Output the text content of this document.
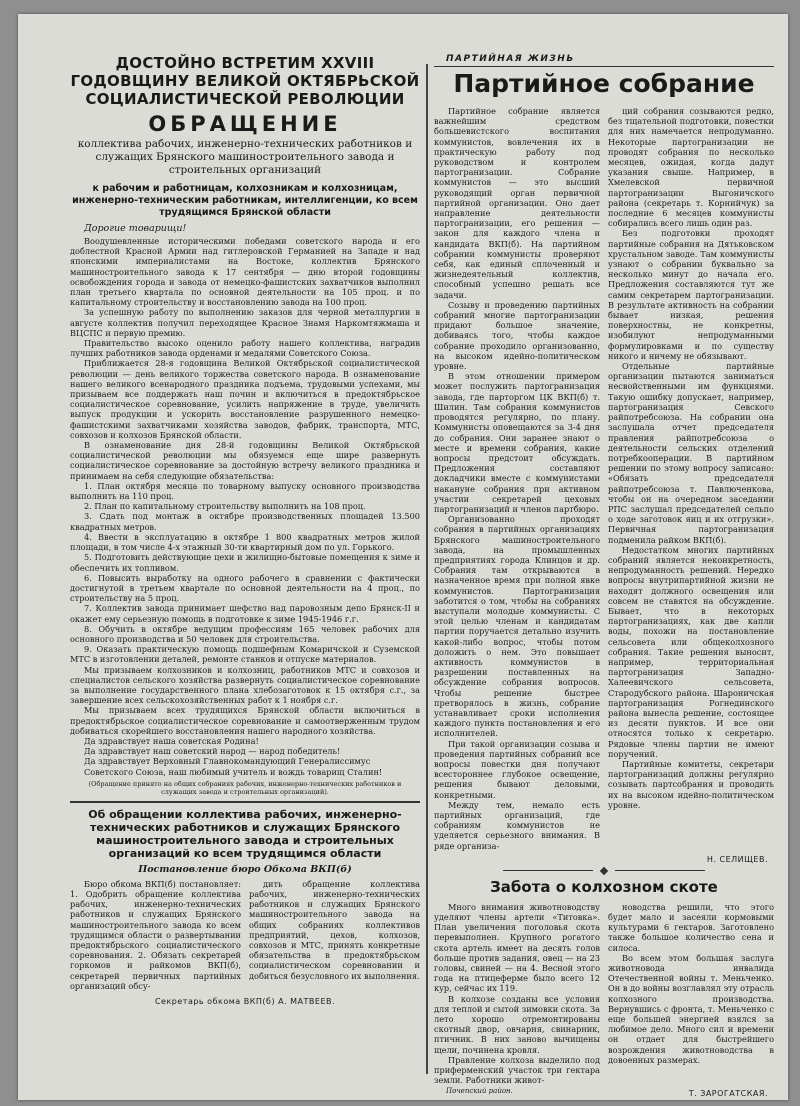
ДОСТОЙНО ВСТРЕТИМ XXVIII ГОДОВЩИНУ ВЕЛИКОЙ ОКТЯБРЬСКОЙ СОЦИАЛИСТИЧЕСКОЙ РЕВОЛЮЦИИ
ОБРАЩЕНИЕ
коллектива рабочих, инженерно-технических работников и служащих Брянского машиностроительного завода и строительных организаций
к рабочим и работницам, колхозникам и колхозницам, инженерно-техническим работникам, интеллигенции, ко всем трудящимся Брянской области
Дорогие товарищи!

Воодушевленные историческими победами советского народа и его доблестной Красной Армии над гитлеровской Германией на Западе и над японскими империалистами на Востоке, коллектив Брянского машиностроительного завода к 17 сентября — дню второй годовщины освобождения города и завода от немецко-фашистских захватчиков выполнил план третьего квартала по основной деятельности на 105 проц. и по капитальному строительству и восстановлению завода на 100 проц.

За успешную работу по выполнению заказов для черной металлургии в августе коллектив получил переходящее Красное Знамя Наркомтяжмаша и ВЦСПС и первую премию.

Правительство высоко оценило работу нашего коллектива, наградив лучших работников завода орденами и медалями Советского Союза.

Приближается 28-я годовщина Великой Октябрьской социалистической революции — день великого торжества советского народа. В ознаменование нашего великого всенародного праздника подъема, трудовыми успехами, мы призываем все поддержать наш почин и включиться в предоктябрьское социалистическое соревнование, усилить напряжение в труде, увеличить выпуск продукции и ускорить восстановление разрушенного немецко-фашистскими захватчиками хозяйства заводов, фабрик, транспорта, МТС, совхозов и колхозов Брянской области.

В ознаменование дня 28-й годовщины Великой Октябрьской социалистической революции мы обязуемся еще шире развернуть социалистическое соревнование за достойную встречу великого праздника и принимаем на себя следующие обязательства:

1. План октября месяца по товарному выпуску основного производства выполнить на 110 проц.

2. План по капитальному строительству выполнить на 108 проц.

3. Сдать под монтаж в октябре производственных площадей 13.500 квадратных метров.

4. Ввести в эксплуатацию в октябре 1 800 квадратных метров жилой площади, в том числе 4-х этажный 30-ти квартирный дом по ул. Горького.

5. Подготовить действующие цехи и жилищно-бытовые помещения к зиме и обеспечить их топливом.

6. Повысить выработку на одного рабочего в сравнении с фактически достигнутой в третьем квартале по основной деятельности на 4 проц., по строительству на 5 проц.

7. Коллектив завода принимает шефство над паровозным депо Брянск-II и окажет ему серьезную помощь в подготовке к зиме 1945-1946 г.г.

8. Обучить в октябре ведущим профессиям 165 человек рабочих для основного производства и 50 человек для строительства.

9. Оказать практическую помощь подшефным Комаричской и Суземской МТС в изготовлении деталей, ремонте станков и отпуске материалов.

Мы призываем колхозников и колхозниц, работников МТС и совхозов и специалистов сельского хозяйства развернуть социалистическое соревнование за выполнение государственного плана хлебозаготовок к 15 октября с.г., за завершение всех сельскохозяйственных работ к 1 ноября с.г.

Мы призываем всех трудящихся Брянской области включиться в предоктябрьское социалистическое соревнование и самоотверженным трудом добиваться скорейшего восстановления нашего народного хозяйства.

Да здравствует наша советская Родина!
Да здравствует наш советский народ — народ победитель!
Да здравствует Верховный Главнокомандующий Генералиссимус Советского Союза, наш любимый учитель и вождь товарищ Сталин!
(Обращение принято на общих собраниях рабочих, инженерно-технических работников и служащих завода и строительных организаций).
Об обращении коллектива рабочих, инженерно-технических работников и служащих Брянского машиностроительного завода и строительных организаций ко всем трудящимся области
Постановление бюро Обкома ВКП(б)
Бюро обкома ВКП(б) постановляет: 1. Одобрить обращение коллектива рабочих, инженерно-технических работников и служащих Брянского машиностроительного завода ко всем трудящимся области о развертывании предоктябрьского социалистического соревнования. 2. Обязать секретарей горкомов и райкомов ВКП(б), секретарей первичных партийных организаций обсу-
дить обращение коллектива рабочих, инженерно-технических работников и служащих Брянского машиностроительного завода на общих собраниях коллективов предприятий, цехов, колхозов, совхозов и МТС, принять конкретные обязательства в предоктябрьском социалистическом соревновании и добиться безусловного их выполнения.
Секретарь обкома ВКП(б) А. МАТВЕЕВ.
ПАРТИЙНАЯ ЖИЗНЬ
Партийное собрание

Партийное собрание является важнейшим средством большевистского воспитания коммунистов, вовлечения их в практическую работу под руководством и контролем партогранизации. Собрание коммунистов — это высший руководящий орган первичной партийной организации. Оно дает направление деятельности партогранизации, его решения — закон для каждого члена и кандидата ВКП(б). На партийном собрании коммунисты проверяют себя, как единый сплоченный и жизнедеятельный коллектив, способный успешно решать все задачи.

Созыву и проведению партийных собраний многие партогранизации придают большое значение, добиваясь того, чтобы каждое собрание проходило организованно, на высоком идейно-политическом уровне.

В этом отношении примером может послужить партогранизация завода, где парторгом ЦК ВКП(б) т. Шилин. Там собрания коммунистов проводятся регулярно, по плану. Коммунисты оповещаются за 3-4 дня до собрания. Они заранее знают о месте и времени собрания, какие вопросы предстоит обсуждать. Предложения составляют докладчики вместе с коммунистами накануне собрания при активном участии секретарей цеховых партогранизаций и членов партбюро.

Организованно проходят собрания в партийных организациях Брянского машиностроительного завода, на промышленных предприятиях города Клинцов и др. Собрания там открываются в назначенное время при полной явке коммунистов. Партогранизация заботится о том, чтобы на собраниях выступали молодые коммунисты. С этой целью членам и кандидатам партии поручается детально изучить какой-либо вопрос, чтобы потом доложить о нем. Это повышает активность коммунистов в разрешении поставленных на обсуждение собрания вопросов. Чтобы решение быстрее претворялось в жизнь, собрание устанавливает сроки исполнения каждого пункта постановления и его исполнителей.

При такой организации созыва и проведения партийных собраний все вопросы повестки дня получают всестороннее глубокое освещение, решения бывают деловыми, конкретными.

Между тем, немало есть партийных организаций, где собраниям коммунистов не уделяется серьезного внимания. В ряде организа-

ций собрания созываются редко, без тщательной подготовки, повестки для них намечается непродуманно. Некоторые партогранизации не проводят собрания по несколько месяцев, ожидая, когда дадут указания свыше. Например, в Хмелевской первичной партогранизации Выгоничского района (секретарь т. Корнийчук) за последние 6 месяцев коммунисты собирались всего лишь один раз.

Без подготовки проходят партийные собрания на Дятьковском хрустальном заводе. Там коммунисты узнают о собрании буквально за несколько минут до начала его. Предложения составляются тут же самим секретарем партогранизации. В результате активность на собрании бывает низкая, решения поверхностны, не конкретны, изобилуют непродуманными формулировками и по существу никого и ничему не обязывают.

Отдельные партийные организации пытаются заниматься несвойственными им функциями. Такую ошибку допускает, например, партогранизация Севского райпотребсоюза. На собрании она заслушала отчет председателя правления райпотребсоюза о деятельности сельских отделений потребкооперации. В партийном решении по этому вопросу записано: «Обязать председателя райпотребсоюза т. Павлюченкова, чтобы он на очередном заседании РПС заслушал председателей сельпо о ходе заготовок яиц и их отгрузки». Первичная партогранизация подменила райком ВКП(б).

Недостатком многих партийных собраний является неконкретность, непродуманность решений. Нередко вопросы внутрипартийной жизни не находят должного освещения или совсем не ставятся на обсуждение. Бывает, что в некоторых партогранизациях, как две капли воды, похожи на постановление сельсовета или общеколхозного собрания. Такие решения выносит, например, территориальная партогранизация Западно-Халеевичского сельсовета, Стародубского района. Шароничская партогранизация Рогнединского района вынесла решение, состоящее из десяти пунктов. И все они относятся только к секретарю. Рядовые члены партии не имеют поручений.

Партийные комитеты, секретари партогранизаций должны регулярно созывать партсобрания и проводить их на высоком идейно-политическом уровне.

Н. СЕЛИЩЕВ.
Забота о колхозном скоте

Много внимания животноводству уделяют члены артели «Титовка». План увеличения поголовья скота перевыполнен. Крупного рогатого скота артель имеет на десять голов больше против задания, овец — на 23 головы, свиней — на 4. Весной этого года на птицеферме было всего 12 кур, сейчас их 119.

В колхозе созданы все условия для теплой и сытой зимовки скота. За лето хорошо отремонтированы скотный двор, овчарня, свинарник, птичник. В них заново вычищены щели, починена кровля.

Правление колхоза выделило под приферменский участок три гектара земли. Работники живот-

новодства решили, что этого будет мало и засеяли кормовыми культурами 6 гектаров. Заготовлено также большое количество сена и силоса.

Во всем этом большая заслуга животновода инвалида Отечественной войны т. Меньченко. Он в до войны возглавлял эту отрасль колхозного производства. Вернувшись с фронта, т. Меньченко с еще большей энергией взялся за любимое дело. Много сил и времени он отдает для быстрейшего возрождения животноводства в довоенных размерах.

Почепский район.	Т. ЗАРОГАТСКАЯ.
